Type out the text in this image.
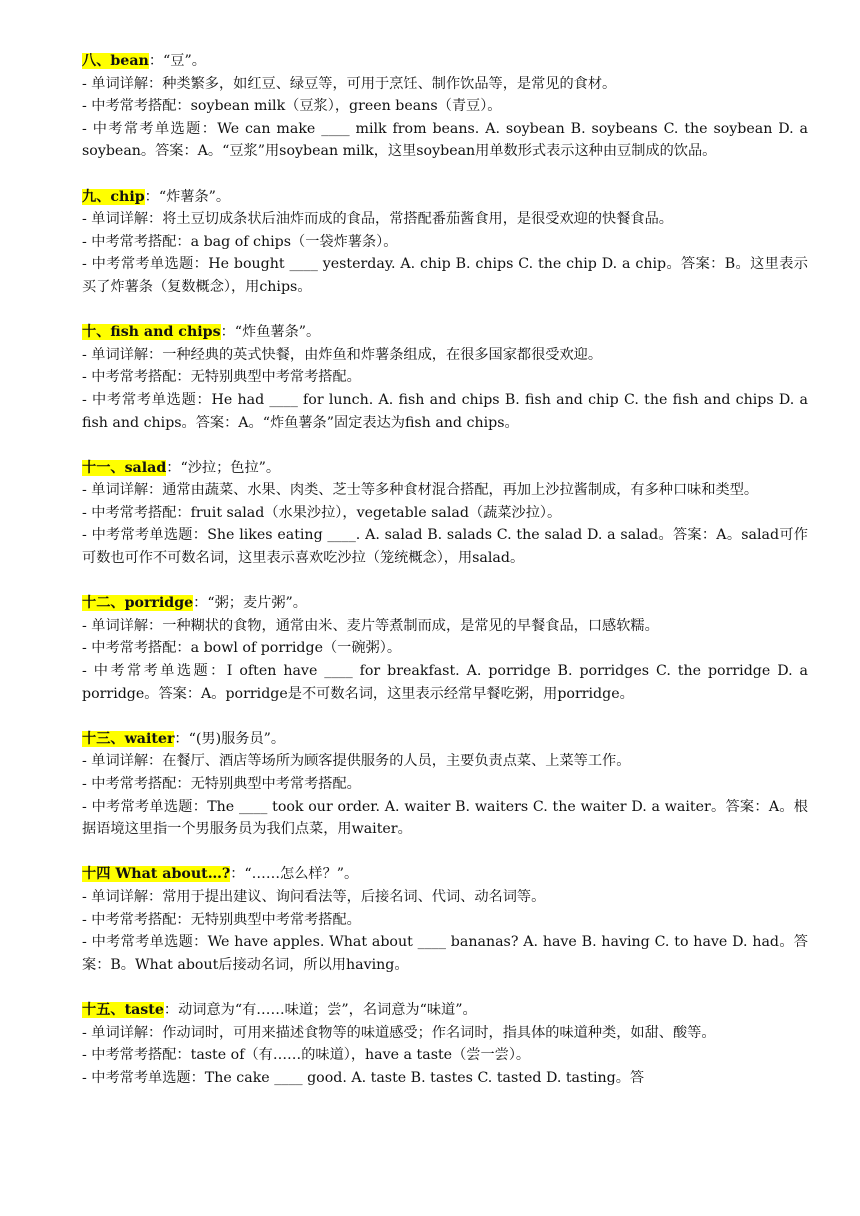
八、bean：“豆”。

- 单词详解：种类繁多，如红豆、绿豆等，可用于烹饪、制作饮品等，是常见的食材。

- 中考常考搭配：soybean milk（豆浆），green beans（青豆）。

- 中考常考单选题：We can make ____ milk from beans. A. soybean B. soybeans C. the soybean D. a soybean。答案：A。“豆浆”用soybean milk，这里soybean用单数形式表示这种由豆制成的饮品。

九、chip：“炸薯条”。

- 单词详解：将土豆切成条状后油炸而成的食品，常搭配番茄酱食用，是很受欢迎的快餐食品。

- 中考常考搭配：a bag of chips（一袋炸薯条）。

- 中考常考单选题：He bought ____ yesterday. A. chip B. chips C. the chip D. a chip。答案：B。这里表示买了炸薯条（复数概念），用chips。

十、fish and chips：“炸鱼薯条”。

- 单词详解：一种经典的英式快餐，由炸鱼和炸薯条组成，在很多国家都很受欢迎。

- 中考常考搭配：无特别典型中考常考搭配。

- 中考常考单选题：He had ____ for lunch. A. fish and chips B. fish and chip C. the fish and chips D. a fish and chips。答案：A。“炸鱼薯条”固定表达为fish and chips。

十一、salad：“沙拉；色拉”。

- 单词详解：通常由蔬菜、水果、肉类、芝士等多种食材混合搭配，再加上沙拉酱制成，有多种口味和类型。

- 中考常考搭配：fruit salad（水果沙拉），vegetable salad（蔬菜沙拉）。

- 中考常考单选题：She likes eating ____. A. salad B. salads C. the salad D. a salad。答案：A。salad可作可数也可作不可数名词，这里表示喜欢吃沙拉（笼统概念），用salad。

十二、porridge：“粥；麦片粥”。

- 单词详解：一种糊状的食物，通常由米、麦片等煮制而成，是常见的早餐食品，口感软糯。

- 中考常考搭配：a bowl of porridge（一碗粥）。

- 中考常考单选题：I often have ____ for breakfast. A. porridge B. porridges C. the porridge D. a porridge。答案：A。porridge是不可数名词，这里表示经常早餐吃粥，用porridge。

十三、waiter：“(男)服务员”。

- 单词详解：在餐厅、酒店等场所为顾客提供服务的人员，主要负责点菜、上菜等工作。

- 中考常考搭配：无特别典型中考常考搭配。

- 中考常考单选题：The ____ took our order. A. waiter B. waiters C. the waiter D. a waiter。答案：A。根据语境这里指一个男服务员为我们点菜，用waiter。

十四 What about…?：“……怎么样？”。

- 单词详解：常用于提出建议、询问看法等，后接名词、代词、动名词等。

- 中考常考搭配：无特别典型中考常考搭配。

- 中考常考单选题：We have apples. What about ____ bananas? A. have B. having C. to have D. had。答案：B。What about后接动名词，所以用having。

十五、taste：动词意为“有……味道；尝”，名词意为“味道”。

- 单词详解：作动词时，可用来描述食物等的味道感受；作名词时，指具体的味道种类，如甜、酸等。

- 中考常考搭配：taste of（有……的味道），have a taste（尝一尝）。

- 中考常考单选题：The cake ____ good. A. taste B. tastes C. tasted D. tasting。答
